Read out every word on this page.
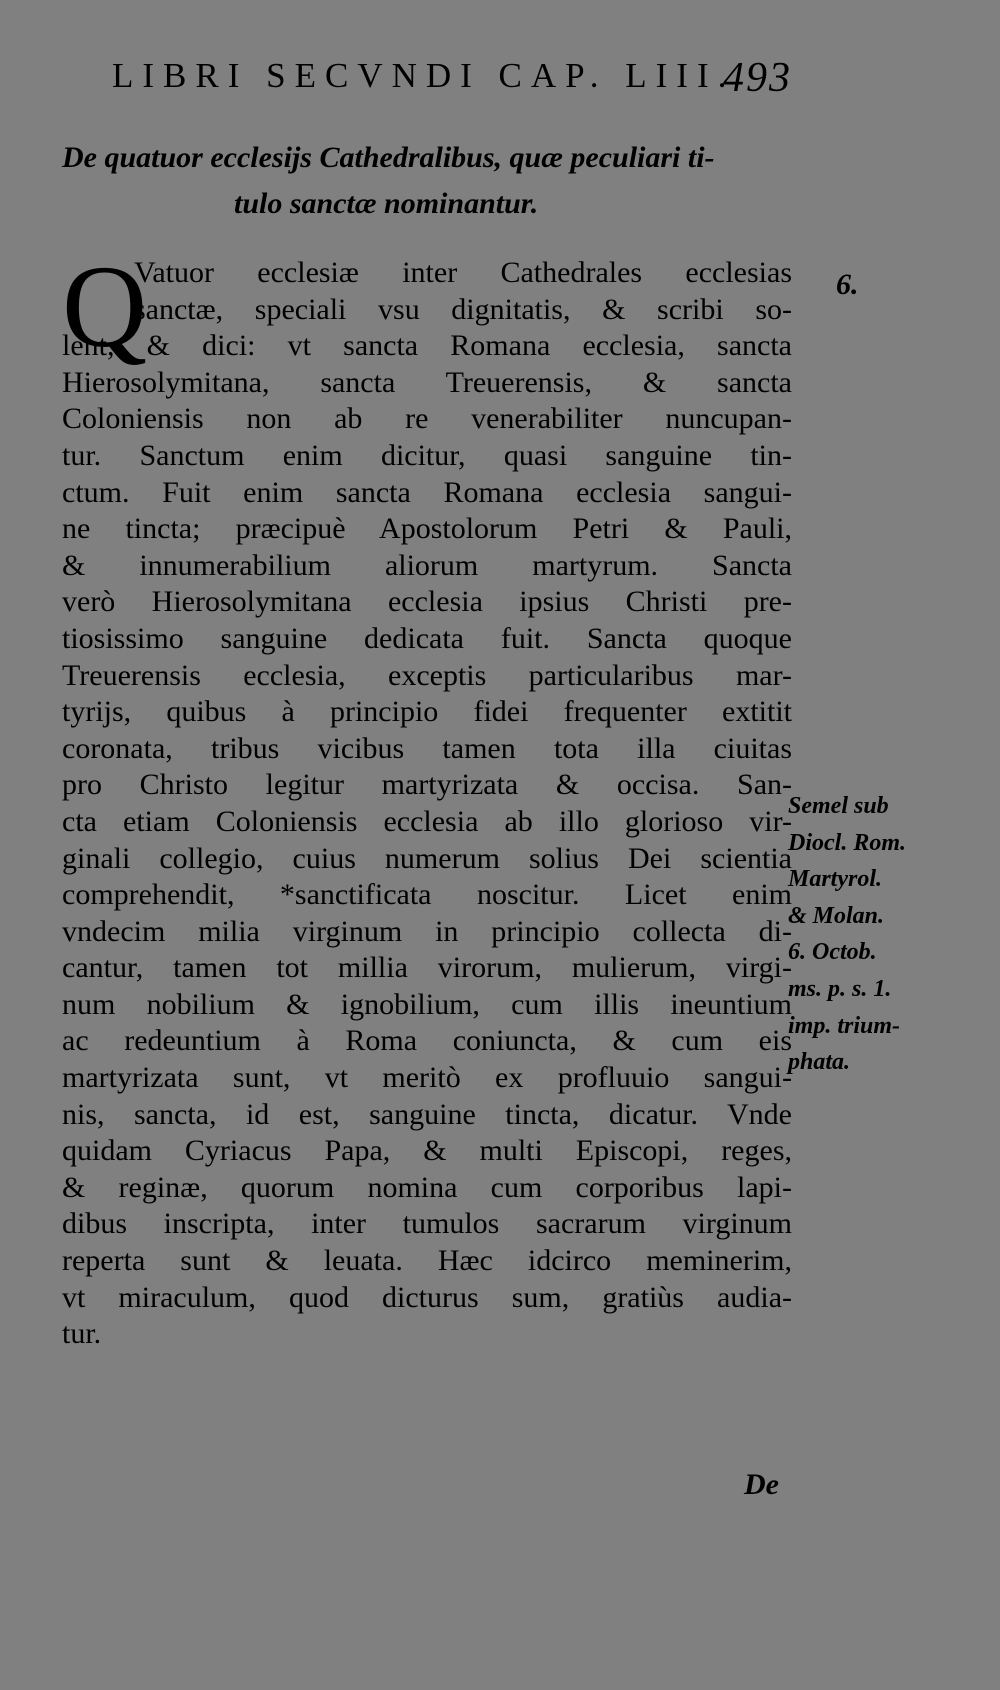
LIBRI SECVNDI CAP. LIII.
493
De quatuor ecclesijs Cathedralibus, quæ peculiari ti-
tulo sanctæ nominantur.
6.
Q
Vatuor ecclesiæ inter Cathedrales ecclesias
sanctæ, speciali vsu dignitatis, & scribi so-
lent, & dici: vt sancta Romana ecclesia, sancta
Hierosolymitana, sancta Treuerensis, & sancta
Coloniensis non ab re venerabiliter nuncupan-
tur. Sanctum enim dicitur, quasi sanguine tin-
ctum. Fuit enim sancta Romana ecclesia sangui-
ne tincta; præcipuè Apostolorum Petri & Pauli,
& innumerabilium aliorum martyrum. Sancta
verò Hierosolymitana ecclesia ipsius Christi pre-
tiosissimo sanguine dedicata fuit. Sancta quoque
Treuerensis ecclesia, exceptis particularibus mar-
tyrijs, quibus à principio fidei frequenter extitit
coronata, tribus vicibus tamen tota illa ciuitas
pro Christo legitur martyrizata & occisa. San-
cta etiam Coloniensis ecclesia ab illo glorioso vir-
ginali collegio, cuius numerum solius Dei scientia
comprehendit, *sanctificata noscitur. Licet enim
vndecim milia virginum in principio collecta di-
cantur, tamen tot millia virorum, mulierum, virgi-
num nobilium & ignobilium, cum illis ineuntium
ac redeuntium à Roma coniuncta, & cum eis
martyrizata sunt, vt meritò ex profluuio sangui-
nis, sancta, id est, sanguine tincta, dicatur. Vnde
quidam Cyriacus Papa, & multi Episcopi, reges,
& reginæ, quorum nomina cum corporibus lapi-
dibus inscripta, inter tumulos sacrarum virginum
reperta sunt & leuata. Hæc idcirco meminerim,
vt miraculum, quod dicturus sum, gratiùs audia-
tur.
Semel sub
Diocl. Rom.
Martyrol.
& Molan.
6. Octob.
ms. p. s. 1.
imp. trium-
phata.
De
